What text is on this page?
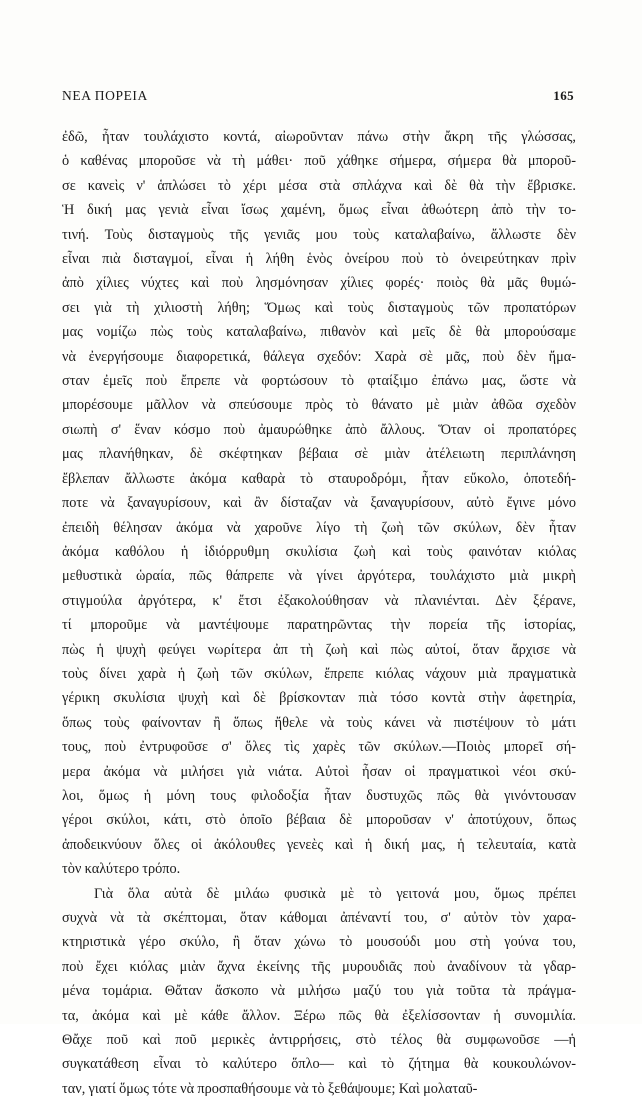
ΝΕΑ ΠΟΡΕΙΑ	165

ἐδῶ, ἦταν τουλάχιστο κοντά, αἰωροῦνταν πάνω στὴν ἄκρη τῆς γλώσσας,
ὁ καθένας μποροῦσε νὰ τὴ μάθει· ποῦ χάθηκε σήμερα, σήμερα θὰ μποροῦ-
σε κανεὶς ν' ἁπλώσει τὸ χέρι μέσα στὰ σπλάχνα καὶ δὲ θὰ τὴν ἔβρισκε.
Ἡ δική μας γενιὰ εἶναι ἴσως χαμένη, ὅμως εἶναι ἀθωότερη ἀπὸ τὴν το-
τινή. Τοὺς δισταγμοὺς τῆς γενιᾶς μου τοὺς καταλαβαίνω, ἄλλωστε δὲν
εἶναι πιὰ δισταγμοί, εἶναι ἡ λήθη ἑνὸς ὀνείρου ποὺ τὸ ὀνειρεύτηκαν πρὶν
ἀπὸ χίλιες νύχτες καὶ ποὺ λησμόνησαν χίλιες φορές· ποιὸς θὰ μᾶς θυμώ-
σει γιὰ τὴ χιλιοστὴ λήθη; Ὅμως καὶ τοὺς δισταγμοὺς τῶν προπατόρων
μας νομίζω πὼς τοὺς καταλαβαίνω, πιθανὸν καὶ μεῖς δὲ θὰ μπορούσαμε
νὰ ἐνεργήσουμε διαφορετικά, θάλεγα σχεδόν: Χαρὰ σὲ μᾶς, ποὺ δὲν ἤμα-
σταν ἐμεῖς ποὺ ἔπρεπε νὰ φορτώσουν τὸ φταίξιμο ἐπάνω μας, ὥστε νὰ
μπορέσουμε μᾶλλον νὰ σπεύσουμε πρὸς τὸ θάνατο μὲ μιὰν ἀθῶα σχεδὸν
σιωπὴ σ' ἕναν κόσμο ποὺ ἀμαυρώθηκε ἀπὸ ἄλλους. Ὅταν οἱ προπατόρες
μας πλανήθηκαν, δὲ σκέφτηκαν βέβαια σὲ μιὰν ἀτέλειωτη περιπλάνηση
ἔβλεπαν ἄλλωστε ἀκόμα καθαρὰ τὸ σταυροδρόμι, ἦταν εὔκολο, ὁποτεδή-
ποτε νὰ ξαναγυρίσουν, καὶ ἂν δίσταζαν νὰ ξαναγυρίσουν, αὐτὸ ἔγινε μόνο
ἐπειδὴ θέλησαν ἀκόμα νὰ χαροῦνε λίγο τὴ ζωὴ τῶν σκύλων, δὲν ἦταν
ἀκόμα καθόλου ἡ ἰδιόρρυθμη σκυλίσια ζωὴ καὶ τοὺς φαινόταν κιόλας
μεθυστικὰ ὡραία, πῶς θάπρεπε νὰ γίνει ἀργότερα, τουλάχιστο μιὰ μικρὴ
στιγμούλα ἀργότερα, κ' ἔτσι ἐξακολούθησαν νὰ πλανιένται. Δὲν ξέρανε,
τί μποροῦμε νὰ μαντέψουμε παρατηρῶντας τὴν πορεία τῆς ἱστορίας,
πὼς ἡ ψυχὴ φεύγει νωρίτερα ἀπ τὴ ζωὴ καὶ πὼς αὐτοί, ὅταν ἄρχισε νὰ
τοὺς δίνει χαρὰ ἡ ζωὴ τῶν σκύλων, ἔπρεπε κιόλας νάχουν μιὰ πραγματικὰ
γέρικη σκυλίσια ψυχὴ καὶ δὲ βρίσκονταν πιὰ τόσο κοντὰ στὴν ἀφετηρία,
ὅπως τοὺς φαίνονταν ἢ ὅπως ἤθελε νὰ τοὺς κάνει νὰ πιστέψουν τὸ μάτι
τους, ποὺ ἐντρυφοῦσε σ' ὅλες τὶς χαρὲς τῶν σκύλων.—Ποιὸς μπορεῖ σή-
μερα ἀκόμα νὰ μιλήσει γιὰ νιάτα. Αὐτοὶ ἦσαν οἱ πραγματικοὶ νέοι σκύ-
λοι, ὅμως ἡ μόνη τους φιλοδοξία ἦταν δυστυχῶς πῶς θὰ γινόντουσαν
γέροι σκύλοι, κάτι, στὸ ὁποῖο βέβαια δὲ μποροῦσαν ν' ἀποτύχουν, ὅπως
ἀποδεικνύουν ὅλες οἱ ἀκόλουθες γενεὲς καὶ ἡ δική μας, ἡ τελευταία, κατὰ
τὸν καλύτερο τρόπο.

Γιὰ ὅλα αὐτὰ δὲ μιλάω φυσικὰ μὲ τὸ γειτονά μου, ὅμως πρέπει
συχνὰ νὰ τὰ σκέπτομαι, ὅταν κάθομαι ἀπέναντί του, σ' αὐτὸν τὸν χαρα-
κτηριστικὰ γέρο σκύλο, ἢ ὅταν χώνω τὸ μουσούδι μου στὴ γούνα του,
ποὺ ἔχει κιόλας μιὰν ἄχνα ἐκείνης τῆς μυρουδιᾶς ποὺ ἀναδίνουν τὰ γδαρ-
μένα τομάρια. Θἄταν ἄσκοπο νὰ μιλήσω μαζύ του γιὰ τοῦτα τὰ πράγμα-
τα, ἀκόμα καὶ μὲ κάθε ἄλλον. Ξέρω πῶς θὰ ἐξελίσσονταν ἡ συνομιλία.
Θἄχε ποῦ καὶ ποῦ μερικὲς ἀντιρρήσεις, στὸ τέλος θὰ συμφωνοῦσε —ἡ
συγκατάθεση εἶναι τὸ καλύτερο ὅπλο— καὶ τὸ ζήτημα θὰ κουκουλώνον-
ταν, γιατί ὅμως τότε νὰ προσπαθήσουμε νὰ τὸ ξεθάψουμε; Καὶ μολαταῦ-
